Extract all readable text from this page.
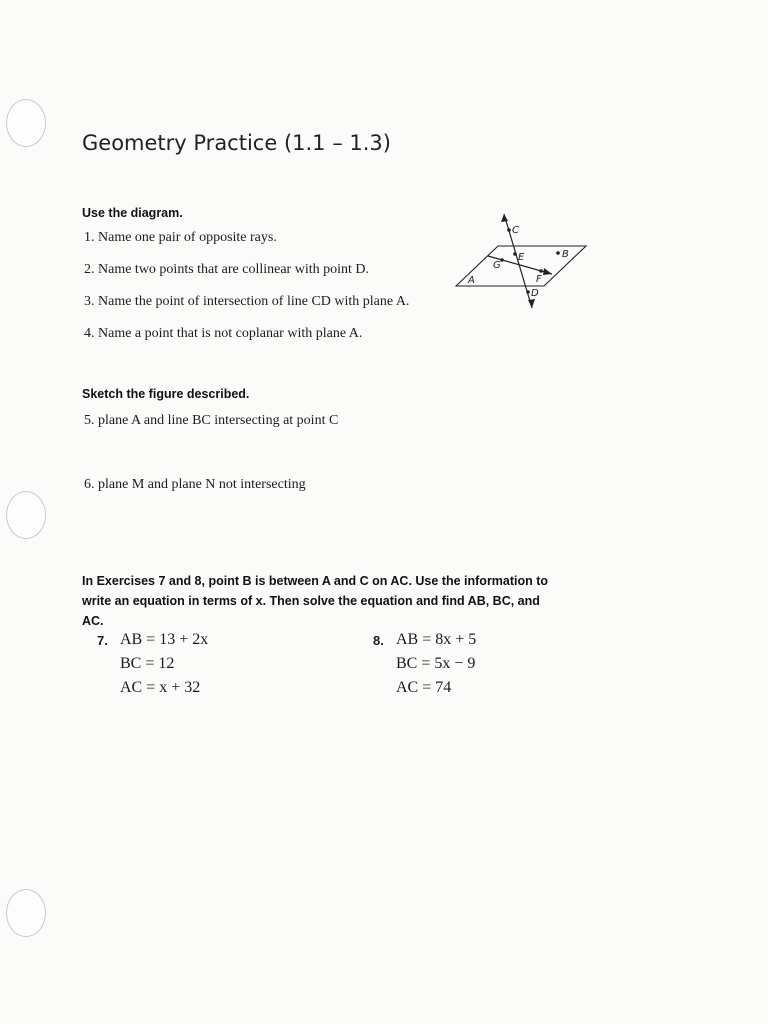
Geometry Practice (1.1 – 1.3)
Use the diagram.
1. Name one pair of opposite rays.
2. Name two points that are collinear with point D.
3. Name the point of intersection of line CD with plane A.
4. Name a point that is not coplanar with plane A.
C
E	B
G
A	F
D
Sketch the figure described.
5. plane A and line BC intersecting at point C
6. plane M and plane N not intersecting
In Exercises 7 and 8, point B is between A and C on AC. Use the information to write an equation in terms of x. Then solve the equation and find AB, BC, and AC.
7. AB = 13 + 2x
BC = 12
AC = x + 32
8. AB = 8x + 5
BC = 5x − 9
AC = 74
